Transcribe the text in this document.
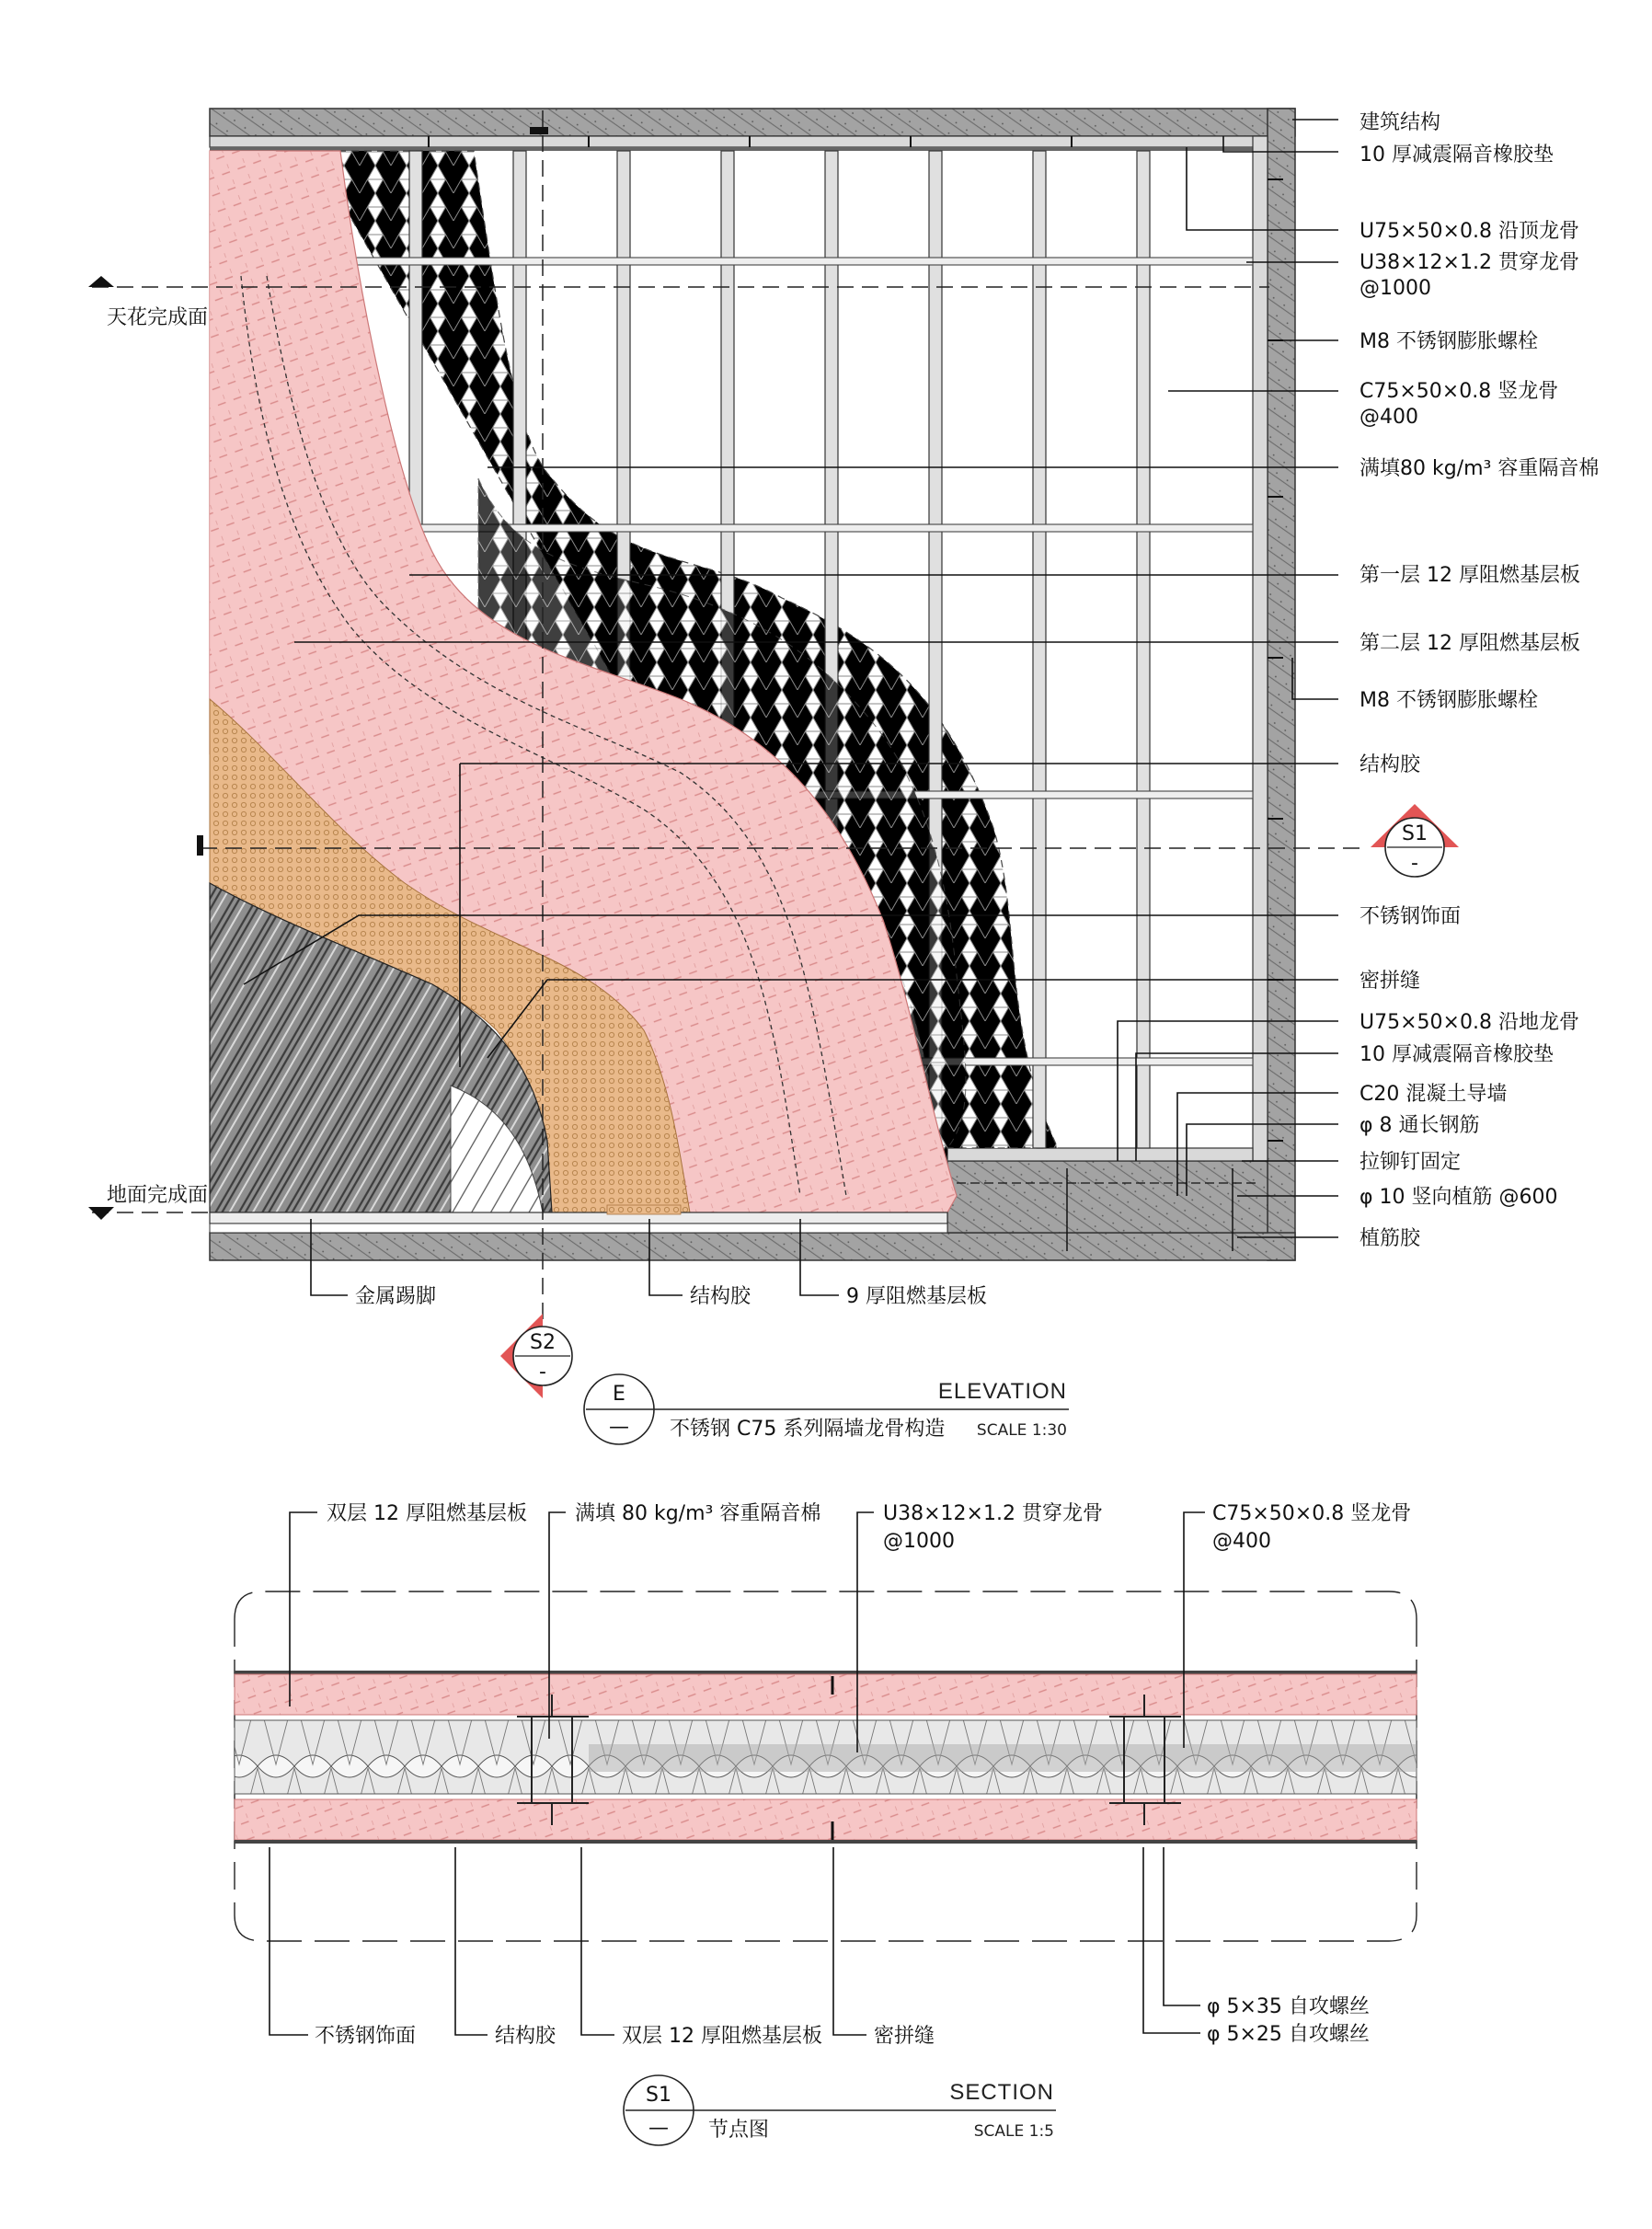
天花完成面
地面完成面
建筑结构
10 厚减震隔音橡胶垫
U75×50×0.8 沿顶龙骨
U38×12×1.2 贯穿龙骨
@1000
M8 不锈钢膨胀螺栓
C75×50×0.8 竖龙骨
@400
满填80 kg/m³ 容重隔音棉
第一层 12 厚阻燃基层板
第二层 12 厚阻燃基层板
M8 不锈钢膨胀螺栓
结构胶
不锈钢饰面
密拼缝
U75×50×0.8 沿地龙骨
10 厚减震隔音橡胶垫
C20 混凝土导墙
φ 8 通长钢筋
拉铆钉固定
φ 10 竖向植筋 @600
植筋胶
金属踢脚	结构胶	9 厚阻燃基层板
S1
-
S2
-
E
—
ELEVATION
不锈钢 C75 系列隔墙龙骨构造 SCALE 1:30
双层 12 厚阻燃基层板 满填 80 kg/m³ 容重隔音棉	U38×12×1.2 贯穿龙骨
@1000
C75×50×0.8 竖龙骨
@400
不锈钢饰面	结构胶	双层 12 厚阻燃基层板	密拼缝
φ 5×35 自攻螺丝
φ 5×25 自攻螺丝
S1
—
SECTION
节点图	SCALE 1:5
